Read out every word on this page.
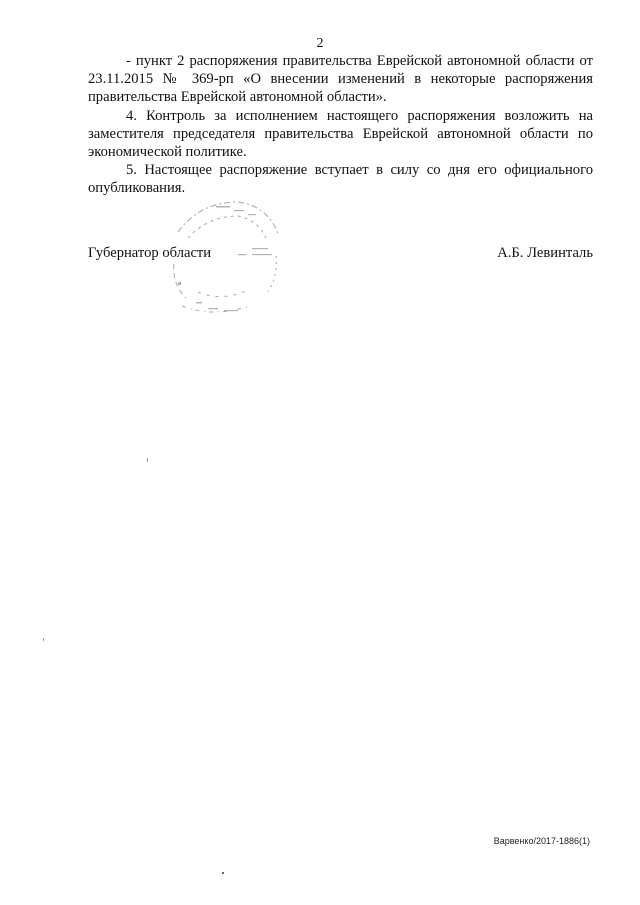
2

- пункт 2 распоряжения правительства Еврейской автономной области от 23.11.2015 № 369-рп «О внесении изменений в некоторые распоряжения правительства Еврейской автономной области».

4. Контроль за исполнением настоящего распоряжения возложить на заместителя председателя правительства Еврейской автономной области по экономической политике.

5. Настоящее распоряжение вступает в силу со дня его официального опубликования.

Губернатор области	А.Б. Левинталь
Варвенко/2017-1886(1)
